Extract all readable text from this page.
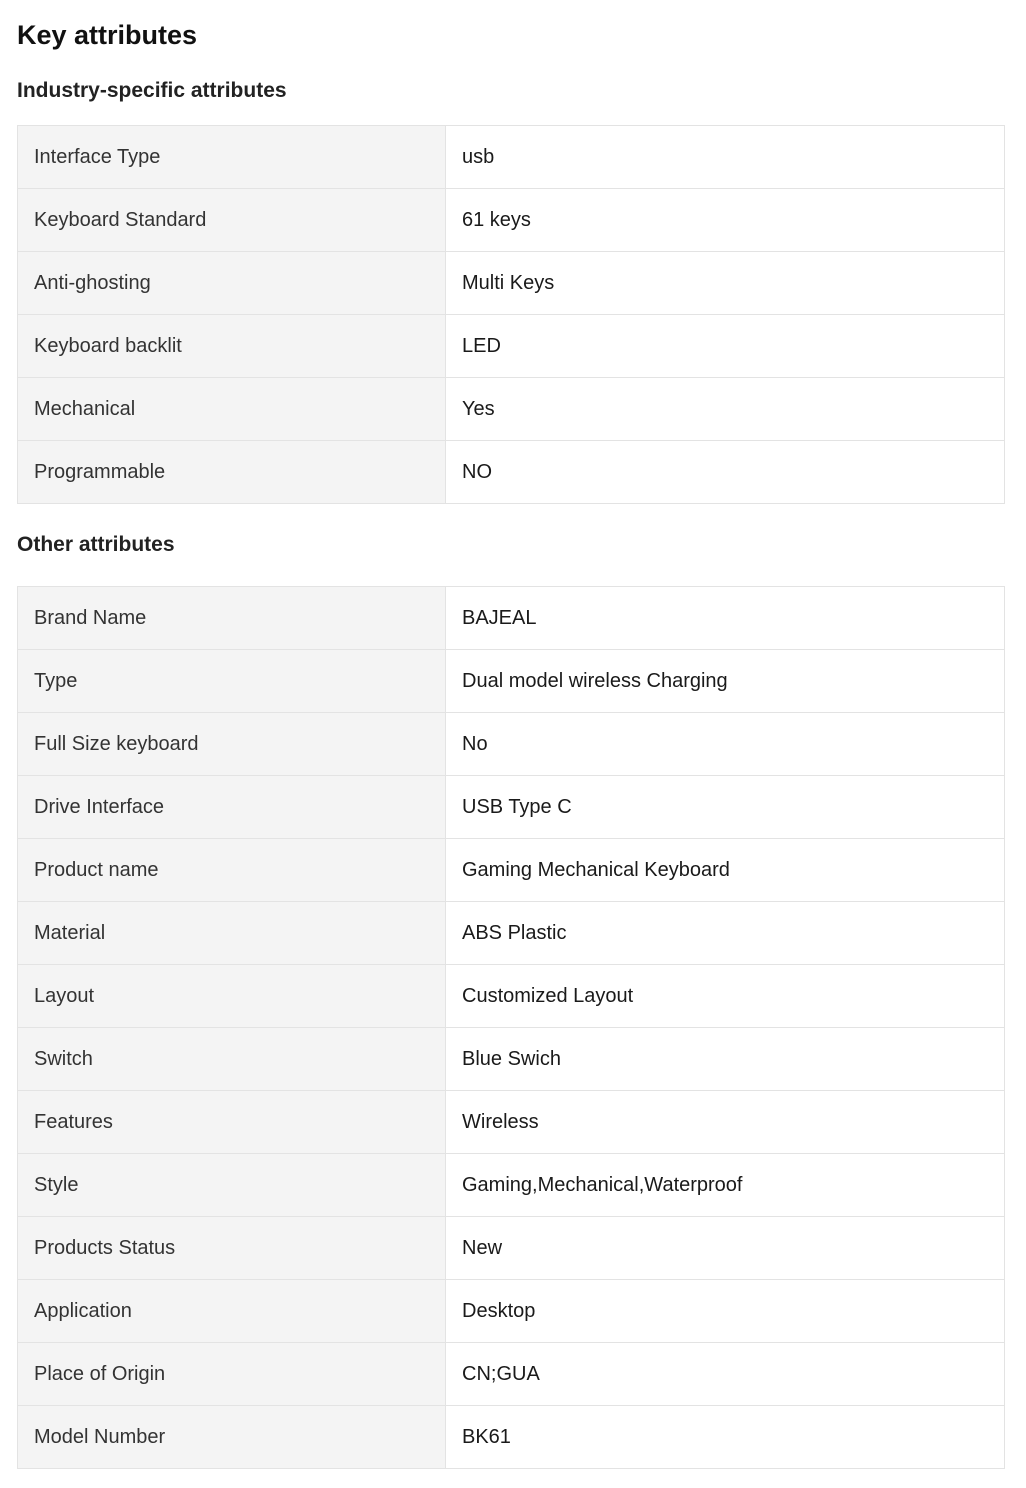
Key attributes
Industry-specific attributes
Interface Type	usb
Keyboard Standard	61 keys
Anti-ghosting	Multi Keys
Keyboard backlit	LED
Mechanical	Yes
Programmable	NO
Other attributes
Brand Name	BAJEAL
Type	Dual model wireless Charging
Full Size keyboard	No
Drive Interface	USB Type C
Product name	Gaming Mechanical Keyboard
Material	ABS Plastic
Layout	Customized Layout
Switch	Blue Swich
Features	Wireless
Style	Gaming,Mechanical,Waterproof
Products Status	New
Application	Desktop
Place of Origin	CN;GUA
Model Number	BK61
